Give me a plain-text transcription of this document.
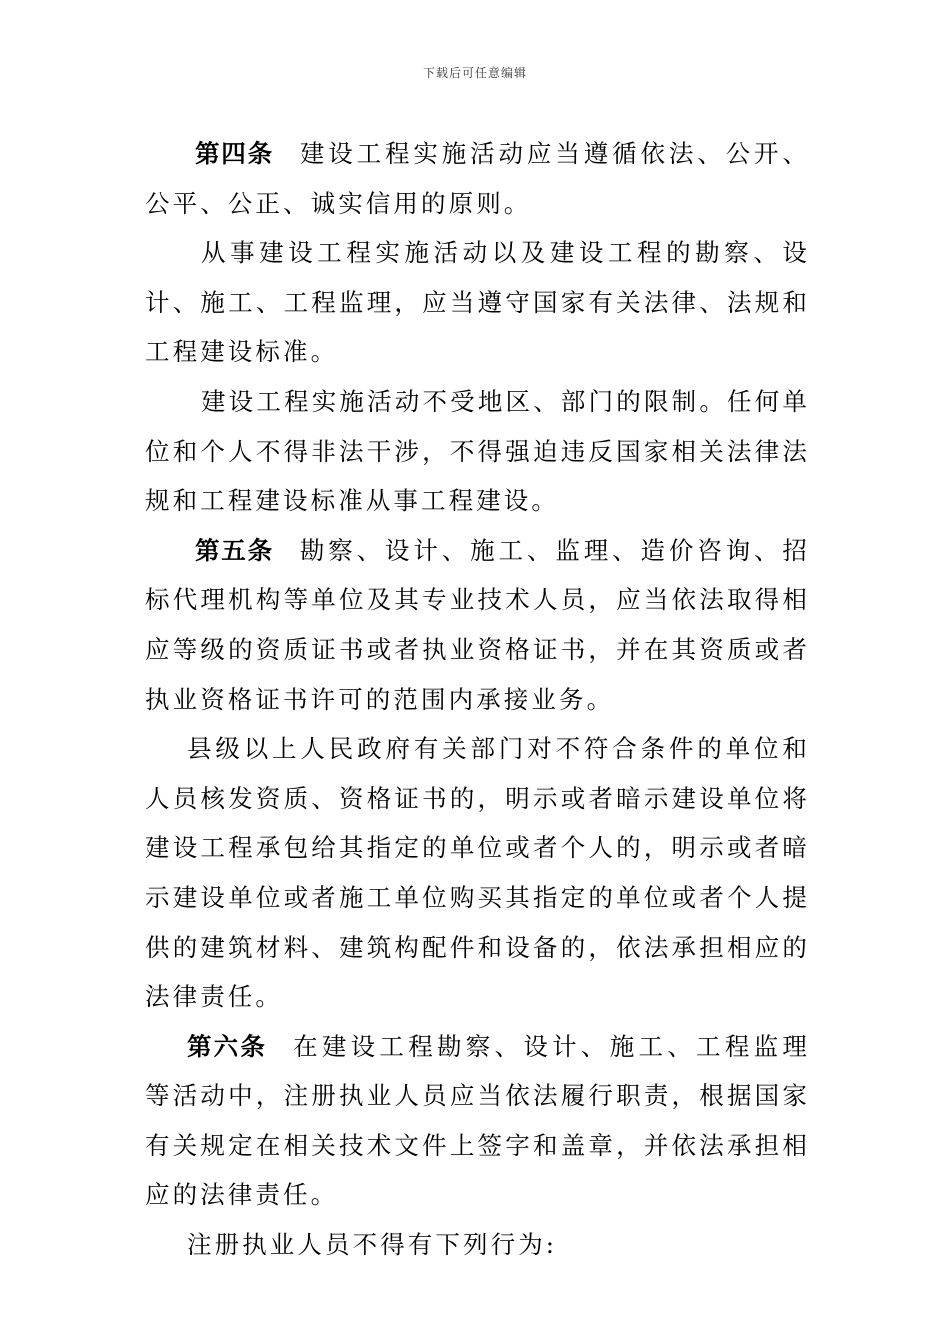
下载后可任意编辑

第四条 建设工程实施活动应当遵循依法、公开、公平、公正、诚实信用的原则。

从事建设工程实施活动以及建设工程的勘察、设计、施工、工程监理，应当遵守国家有关法律、法规和工程建设标准。

建设工程实施活动不受地区、部门的限制。任何单位和个人不得非法干涉，不得强迫违反国家相关法律法规和工程建设标准从事工程建设。

第五条 勘察、设计、施工、监理、造价咨询、招标代理机构等单位及其专业技术人员，应当依法取得相应等级的资质证书或者执业资格证书，并在其资质或者执业资格证书许可的范围内承接业务。

县级以上人民政府有关部门对不符合条件的单位和人员核发资质、资格证书的，明示或者暗示建设单位将建设工程承包给其指定的单位或者个人的，明示或者暗示建设单位或者施工单位购买其指定的单位或者个人提供的建筑材料、建筑构配件和设备的，依法承担相应的法律责任。

第六条 在建设工程勘察、设计、施工、工程监理等活动中，注册执业人员应当依法履行职责，根据国家有关规定在相关技术文件上签字和盖章，并依法承担相应的法律责任。

注册执业人员不得有下列行为:
